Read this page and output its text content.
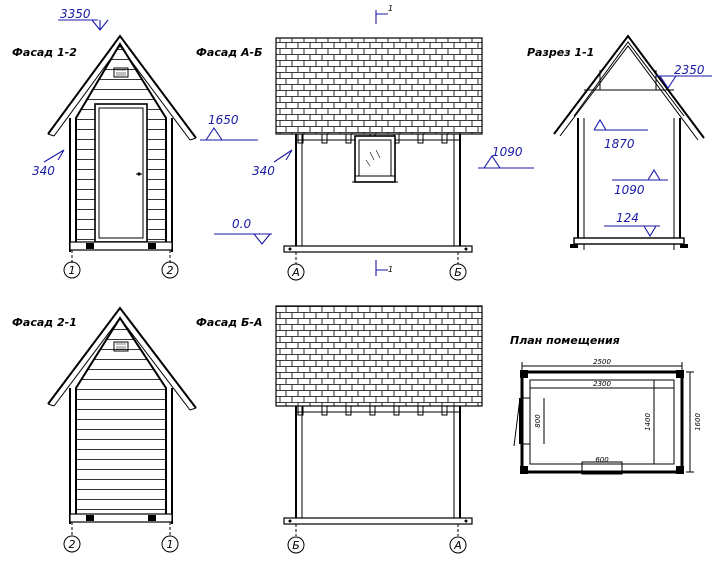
Фасад 1-2
1	2
3350
340
1650
Фасад А-Б
А	Б
1
1
340
0.0
1090
Разрез 1-1
2350
1870
1090
124
Фасад 2-1
2	1
Фасад Б-А
Б	А
План помещения
2500
2300
1600
1400
800
600
